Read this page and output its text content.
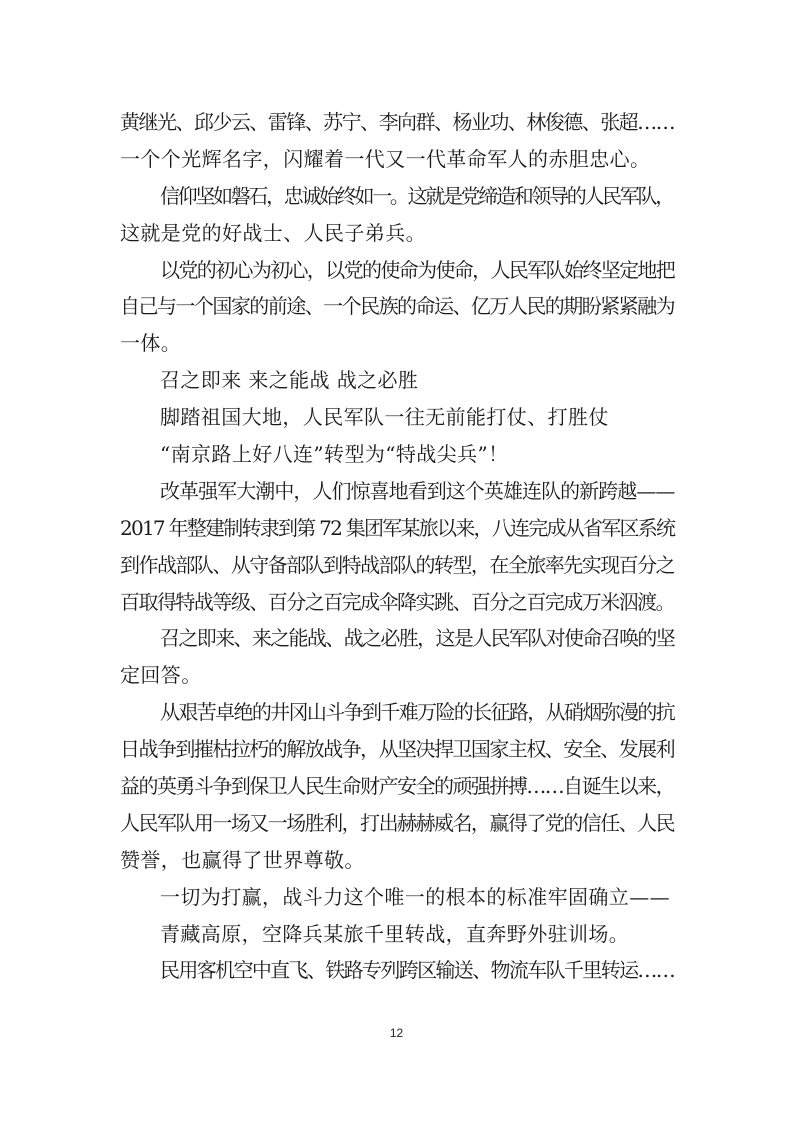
黄继光、邱少云、雷锋、苏宁、李向群、杨业功、林俊德、张超……
一个个光辉名字，闪耀着一代又一代革命军人的赤胆忠心。
信仰坚如磐石，忠诚始终如一。这就是党缔造和领导的人民军队，
这就是党的好战士、人民子弟兵。
以党的初心为初心，以党的使命为使命，人民军队始终坚定地把
自己与一个国家的前途、一个民族的命运、亿万人民的期盼紧紧融为
一体。
召之即来 来之能战 战之必胜
脚踏祖国大地，人民军队一往无前能打仗、打胜仗
“南京路上好八连”转型为“特战尖兵”！
改革强军大潮中，人们惊喜地看到这个英雄连队的新跨越——
2017 年整建制转隶到第 72 集团军某旅以来，八连完成从省军区系统
到作战部队、从守备部队到特战部队的转型，在全旅率先实现百分之
百取得特战等级、百分之百完成伞降实跳、百分之百完成万米泅渡。
召之即来、来之能战、战之必胜，这是人民军队对使命召唤的坚
定回答。
从艰苦卓绝的井冈山斗争到千难万险的长征路，从硝烟弥漫的抗
日战争到摧枯拉朽的解放战争，从坚决捍卫国家主权、安全、发展利
益的英勇斗争到保卫人民生命财产安全的顽强拼搏……自诞生以来，
人民军队用一场又一场胜利，打出赫赫威名，赢得了党的信任、人民
赞誉，也赢得了世界尊敬。
一切为打赢，战斗力这个唯一的根本的标准牢固确立——
青藏高原，空降兵某旅千里转战，直奔野外驻训场。
民用客机空中直飞、铁路专列跨区输送、物流车队千里转运……
12
